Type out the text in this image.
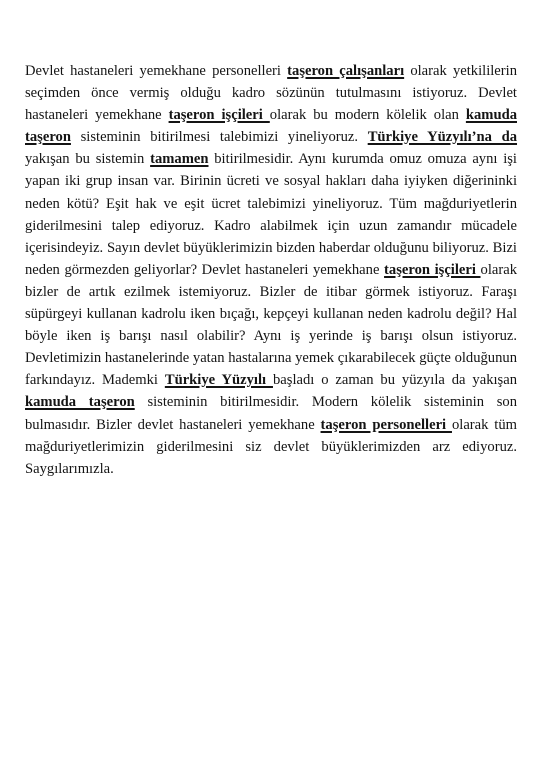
Devlet hastaneleri yemekhane personelleri taşeron çalışanları olarak yetkililerin seçimden önce vermiş olduğu kadro sözünün tutulmasını istiyoruz. Devlet hastaneleri yemekhane taşeron işçileri olarak bu modern kölelik olan kamuda taşeron sisteminin bitirilmesi talebimizi yineliyoruz. Türkiye Yüzyılı’na da yakışan bu sistemin tamamen bitirilmesidir. Aynı kurumda omuz omuza aynı işi yapan iki grup insan var. Birinin ücreti ve sosyal hakları daha iyiyken diğerininki neden kötü? Eşit hak ve eşit ücret talebimizi yineliyoruz. Tüm mağduriyetlerin giderilmesini talep ediyoruz. Kadro alabilmek için uzun zamandır mücadele içerisindeyiz. Sayın devlet büyüklerimizin bizden haberdar olduğunu biliyoruz. Bizi neden görmezden geliyorlar? Devlet hastaneleri yemekhane taşeron işçileri olarak bizler de artık ezilmek istemiyoruz. Bizler de itibar görmek istiyoruz. Faraşı süpürgeyi kullanan kadrolu iken bıçağı, kepçeyi kullanan neden kadrolu değil? Hal böyle iken iş barışı nasıl olabilir? Aynı iş yerinde iş barışı olsun istiyoruz. Devletimizin hastanelerinde yatan hastalarına yemek çıkarabilecek güçte olduğunun farkındayız. Mademki Türkiye Yüzyılı başladı o zaman bu yüzyıla da yakışan kamuda taşeron sisteminin bitirilmesidir. Modern kölelik sisteminin son bulmasıdır. Bizler devlet hastaneleri yemekhane taşeron personelleri olarak tüm mağduriyetlerimizin giderilmesini siz devlet büyüklerimizden arz ediyoruz. Saygılarımızla.
